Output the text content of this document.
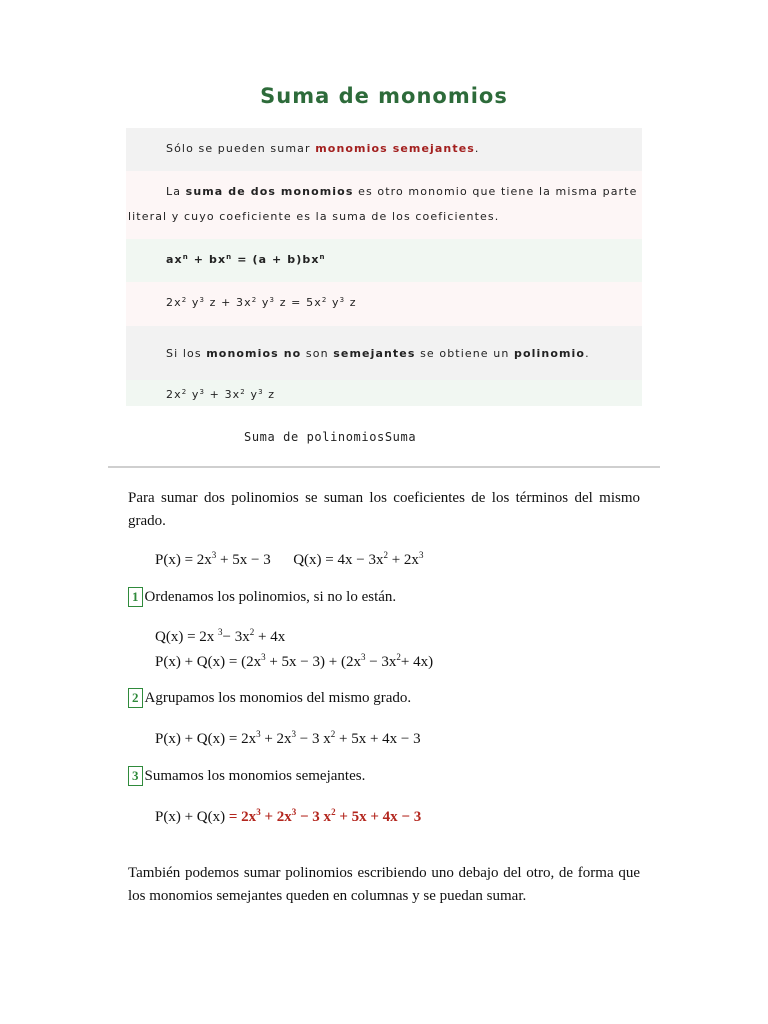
Suma de monomios
Sólo se pueden sumar monomios semejantes.
La suma de dos monomios es otro monomio que tiene la misma parte
literal y cuyo coeficiente es la suma de los coeficientes.
$ax^n + bx^n = (a + b)bx^n$
$2x^2$ $y^3$ $z + 3x^2$ $y^3$ $z = 5x^2$ $y^3$ z
Si los monomios no son semejantes se obtiene un polinomio.
$2x^2$ $y^3 + 3x^2$ $y^3$ z
Suma de polinomiosSuma
Para sumar dos polinomios se suman los coeficientes de los términos del mismo grado.
$P(x) = 2x^3 + 5x - 3$      $Q(x) = 4x - 3x^2 + 2x^3$
1 Ordenamos los polinomios, si no lo están.
Q(x) = 2x $^3- 3x^2 + 4x$
$P(x) + Q(x) = (2x^3 + 5x - 3) + (2x^3 - 3x^2+ 4x)$
2 Agrupamos los monomios del mismo grado.
$P(x) + Q(x) = 2x^3 + 2x^3 - 3$ $x^2 + 5x + 4x - 3$
3 Sumamos los monomios semejantes.
$P(x) + Q(x) = 2x^3 + 2x^3 - 3$ $x^2 + 5x + 4x - 3$
También podemos sumar polinomios escribiendo uno debajo del otro, de forma que los monomios semejantes queden en columnas y se puedan sumar.
